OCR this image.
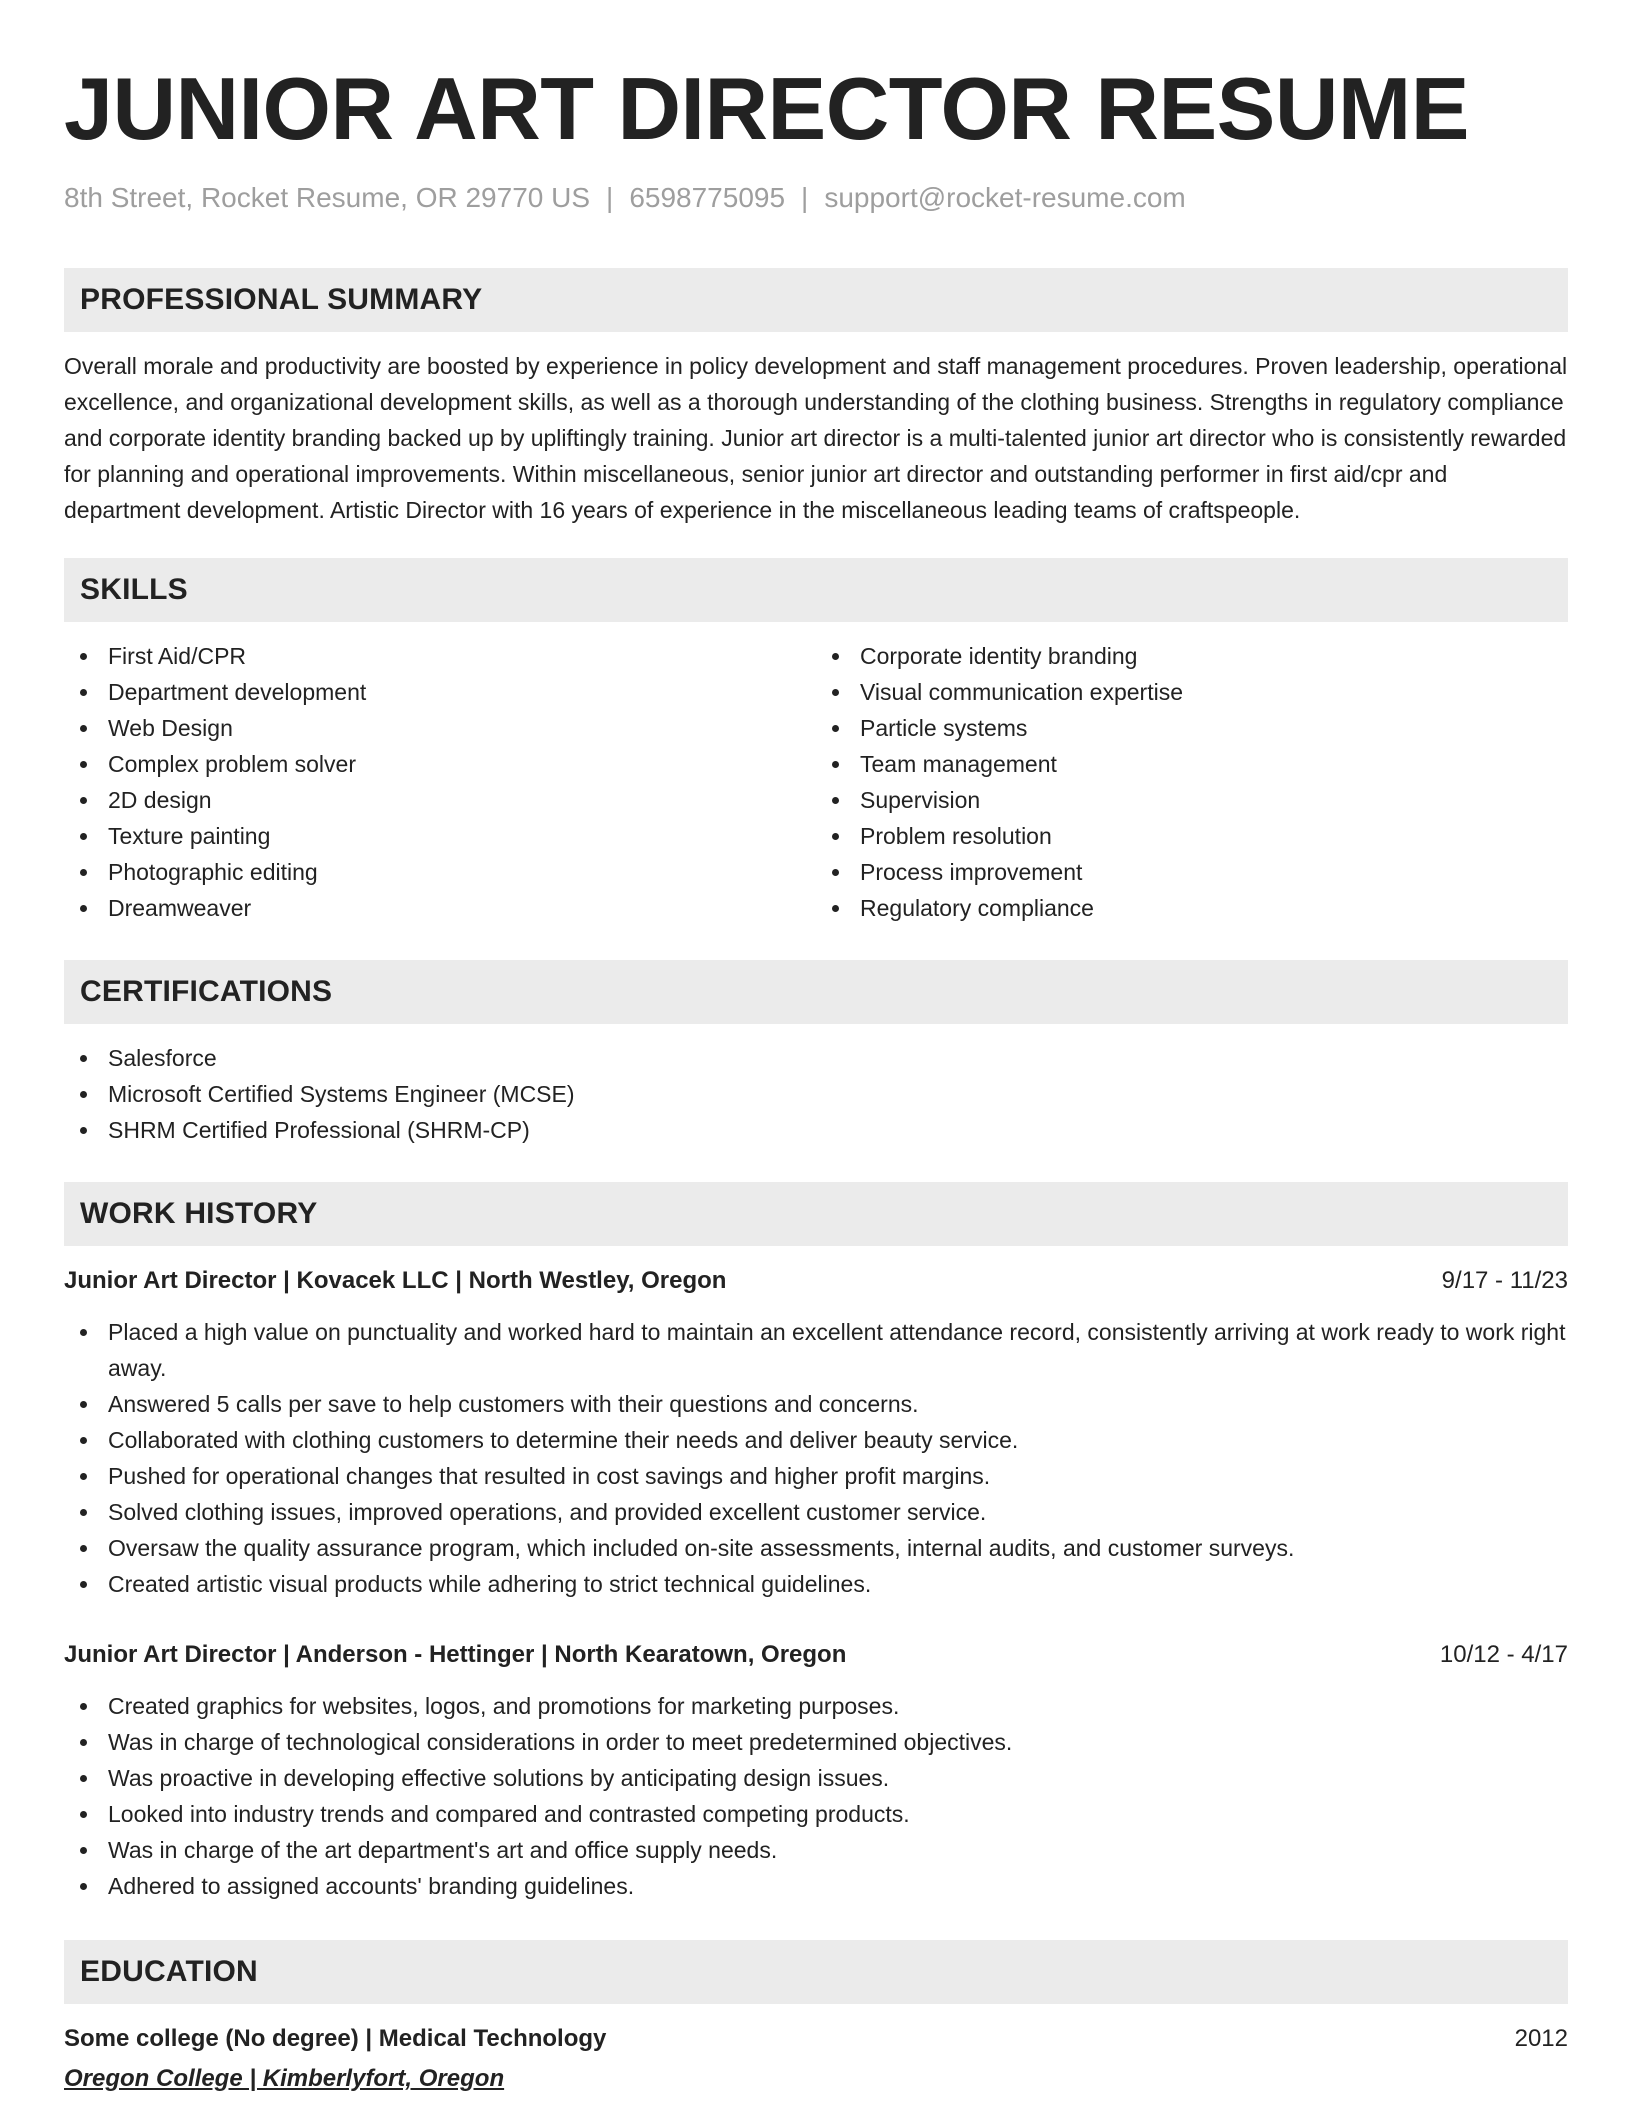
JUNIOR ART DIRECTOR RESUME
8th Street, Rocket Resume, OR 29770 US | 6598775095 | support@rocket-resume.com
PROFESSIONAL SUMMARY

Overall morale and productivity are boosted by experience in policy development and staff management procedures. Proven leadership, operational excellence, and organizational development skills, as well as a thorough understanding of the clothing business. Strengths in regulatory compliance and corporate identity branding backed up by upliftingly training. Junior art director is a multi-talented junior art director who is consistently rewarded for planning and operational improvements. Within miscellaneous, senior junior art director and outstanding performer in first aid/cpr and department development. Artistic Director with 16 years of experience in the miscellaneous leading teams of craftspeople.

SKILLS
First Aid/CPR
Department development
Web Design
Complex problem solver
2D design
Texture painting
Photographic editing
Dreamweaver
Corporate identity branding
Visual communication expertise
Particle systems
Team management
Supervision
Problem resolution
Process improvement
Regulatory compliance
CERTIFICATIONS
Salesforce
Microsoft Certified Systems Engineer (MCSE)
SHRM Certified Professional (SHRM-CP)
WORK HISTORY
Junior Art Director | Kovacek LLC | North Westley, Oregon	9/17 - 11/23
Placed a high value on punctuality and worked hard to maintain an excellent attendance record, consistently arriving at work ready to work right away.
Answered 5 calls per save to help customers with their questions and concerns.
Collaborated with clothing customers to determine their needs and deliver beauty service.
Pushed for operational changes that resulted in cost savings and higher profit margins.
Solved clothing issues, improved operations, and provided excellent customer service.
Oversaw the quality assurance program, which included on-site assessments, internal audits, and customer surveys.
Created artistic visual products while adhering to strict technical guidelines.
Junior Art Director | Anderson - Hettinger | North Kearatown, Oregon	10/12 - 4/17
Created graphics for websites, logos, and promotions for marketing purposes.
Was in charge of technological considerations in order to meet predetermined objectives.
Was proactive in developing effective solutions by anticipating design issues.
Looked into industry trends and compared and contrasted competing products.
Was in charge of the art department's art and office supply needs.
Adhered to assigned accounts' branding guidelines.
EDUCATION
Some college (No degree) | Medical Technology	2012
Oregon College | Kimberlyfort, Oregon
